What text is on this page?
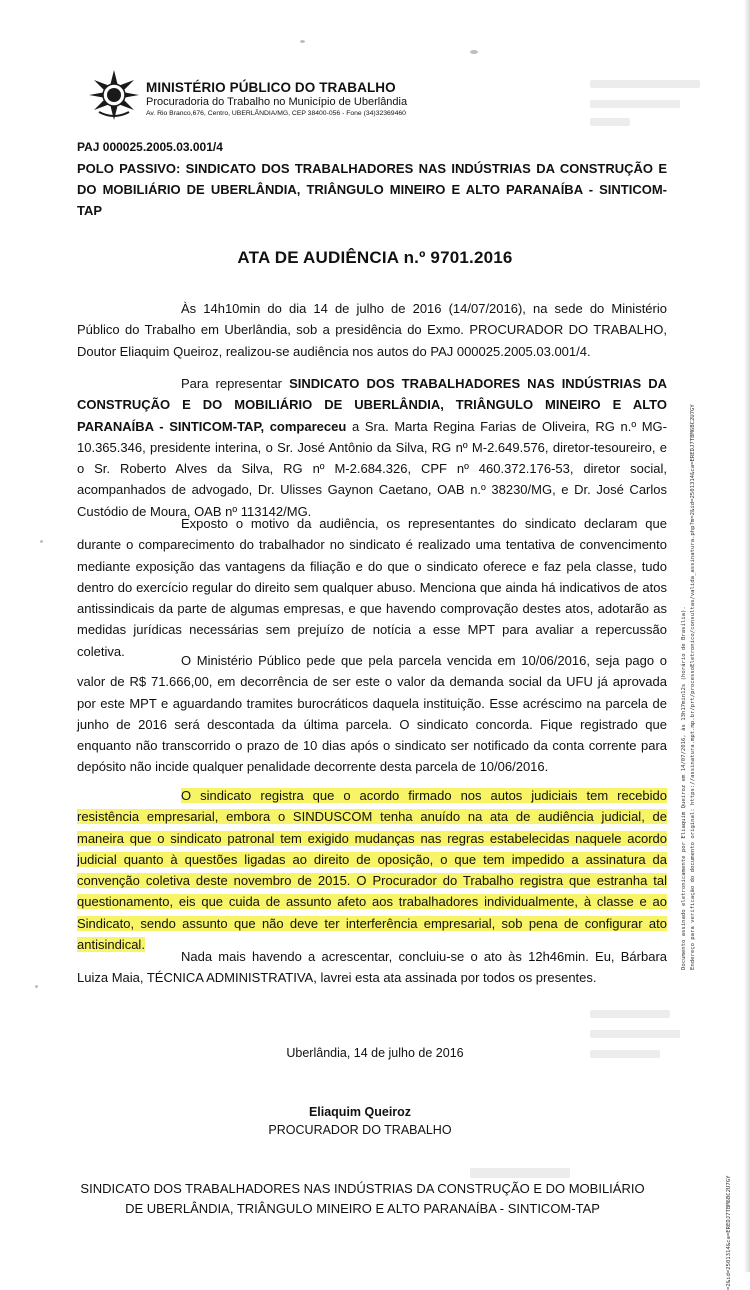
MINISTÉRIO PÚBLICO DO TRABALHO
Procuradoria do Trabalho no Município de Uberlândia
Av. Rio Branco,676, Centro, UBERLÂNDIA/MG, CEP 38400-056 - Fone (34)32369460
PAJ 000025.2005.03.001/4
POLO PASSIVO: SINDICATO DOS TRABALHADORES NAS INDÚSTRIAS DA CONSTRUÇÃO E DO MOBILIÁRIO DE UBERLÂNDIA, TRIÂNGULO MINEIRO E ALTO PARANAÍBA - SINTICOM-TAP
ATA DE AUDIÊNCIA n.º 9701.2016

Às 14h10min do dia 14 de julho de 2016 (14/07/2016), na sede do Ministério Público do Trabalho em Uberlândia, sob a presidência do Exmo. PROCURADOR DO TRABALHO, Doutor Eliaquim Queiroz, realizou-se audiência nos autos do PAJ 000025.2005.03.001/4.

Para representar SINDICATO DOS TRABALHADORES NAS INDÚSTRIAS DA CONSTRUÇÃO E DO MOBILIÁRIO DE UBERLÂNDIA, TRIÂNGULO MINEIRO E ALTO PARANAÍBA - SINTICOM-TAP, compareceu a Sra. Marta Regina Farias de Oliveira, RG n.º MG-10.365.346, presidente interina, o Sr. José Antônio da Silva, RG nº M-2.649.576, diretor-tesoureiro, e o Sr. Roberto Alves da Silva, RG nº M-2.684.326, CPF nº 460.372.176-53, diretor social, acompanhados de advogado, Dr. Ulisses Gaynon Caetano, OAB n.º 38230/MG, e Dr. José Carlos Custódio de Moura, OAB nº 113142/MG.

Exposto o motivo da audiência, os representantes do sindicato declaram que durante o comparecimento do trabalhador no sindicato é realizado uma tentativa de convencimento mediante exposição das vantagens da filiação e do que o sindicato oferece e faz pela classe, tudo dentro do exercício regular do direito sem qualquer abuso. Menciona que ainda há indicativos de atos antissindicais da parte de algumas empresas, e que havendo comprovação destes atos, adotarão as medidas jurídicas necessárias sem prejuízo de notícia a esse MPT para avaliar a repercussão coletiva.

O Ministério Público pede que pela parcela vencida em 10/06/2016, seja pago o valor de R$ 71.666,00, em decorrência de ser este o valor da demanda social da UFU já aprovada por este MPT e aguardando tramites burocráticos daquela instituição. Esse acréscimo na parcela de junho de 2016 será descontada da última parcela. O sindicato concorda. Fique registrado que enquanto não transcorrido o prazo de 10 dias após o sindicato ser notificado da conta corrente para depósito não incide qualquer penalidade decorrente desta parcela de 10/06/2016.

O sindicato registra que o acordo firmado nos autos judiciais tem recebido resistência empresarial, embora o SINDUSCOM tenha anuído na ata de audiência judicial, de maneira que o sindicato patronal tem exigido mudanças nas regras estabelecidas naquele acordo judicial quanto à questões ligadas ao direito de oposição, o que tem impedido a assinatura da convenção coletiva deste novembro de 2015. O Procurador do Trabalho registra que estranha tal questionamento, eis que cuida de assunto afeto aos trabalhadores individualmente, à classe e ao Sindicato, sendo assunto que não deve ter interferência empresarial, sob pena de configurar ato antisindical.

Nada mais havendo a acrescentar, concluiu-se o ato às 12h46min. Eu, Bárbara Luiza Maia, TÉCNICA ADMINISTRATIVA, lavrei esta ata assinada por todos os presentes.

Uberlândia, 14 de julho de 2016
Eliaquim Queiroz
PROCURADOR DO TRABALHO
SINDICATO DOS TRABALHADORES NAS INDÚSTRIAS DA CONSTRUÇÃO E DO MOBILIÁRIO DE UBERLÂNDIA, TRIÂNGULO MINEIRO E ALTO PARANAÍBA - SINTICOM-TAP
Documento assinado eletronicamente por Eliaquim Queiroz em 14/07/2016, às 13h17min12s (horário de Brasília). Endereço para verificação do documento original: https://assinatura.mpt.mp.br/prt/processoEletronico/consultas/valida_assinatura.php?m=2&id=2501314&ca=EREDJ7TBM6BC2U7GY
=2&id=2501314&ca=EREDJ7TBM6BC2U7GY
